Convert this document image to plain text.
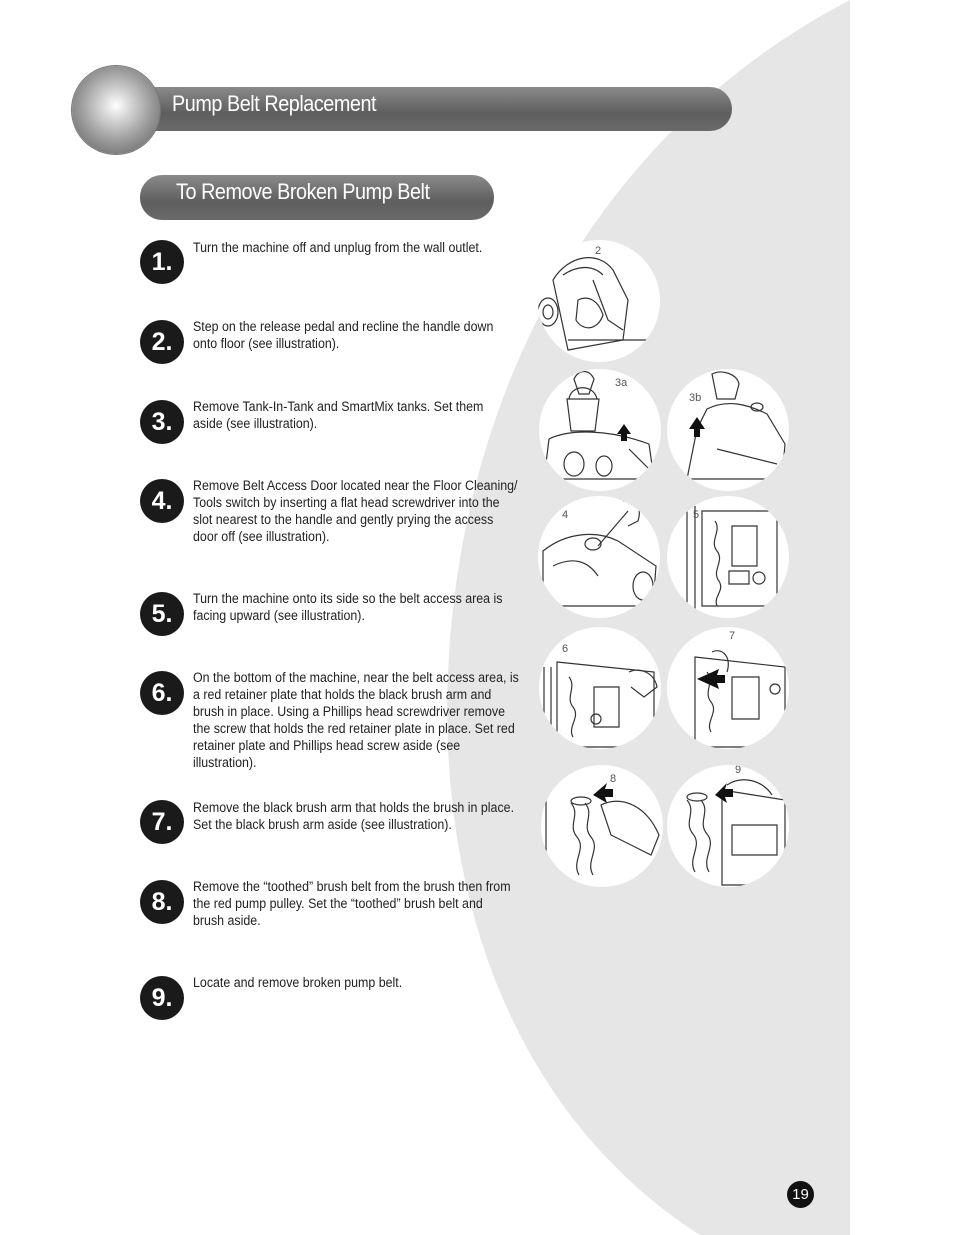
Pump Belt Replacement
To Remove Broken Pump Belt
1.
Turn the machine off and unplug from the wall outlet.
2.
Step on the release pedal and recline the handle down onto floor (see illustration).
3.
Remove Tank-In-Tank and SmartMix tanks. Set them aside (see illustration).
4.
Remove Belt Access Door located near the Floor Cleaning/ Tools switch by inserting a flat head screwdriver into the slot nearest to the handle and gently prying the access door off (see illustration).
5.
Turn the machine onto its side so the belt access area is facing upward (see illustration).
6.
On the bottom of the machine, near the belt access area, is a red retainer plate that holds the black brush arm and brush in place. Using a Phillips head screwdriver remove the screw that holds the red retainer plate in place. Set red retainer plate and Phillips head screw aside (see illustration).
7.
Remove the black brush arm that holds the brush in place. Set the black brush arm aside (see illustration).
8.
Remove the “toothed” brush belt from the brush then from the red pump pulley. Set the “toothed” brush belt and brush aside.
9.
Locate and remove broken pump belt.
2
3a
3b
4	5
6
7
8
9
19
